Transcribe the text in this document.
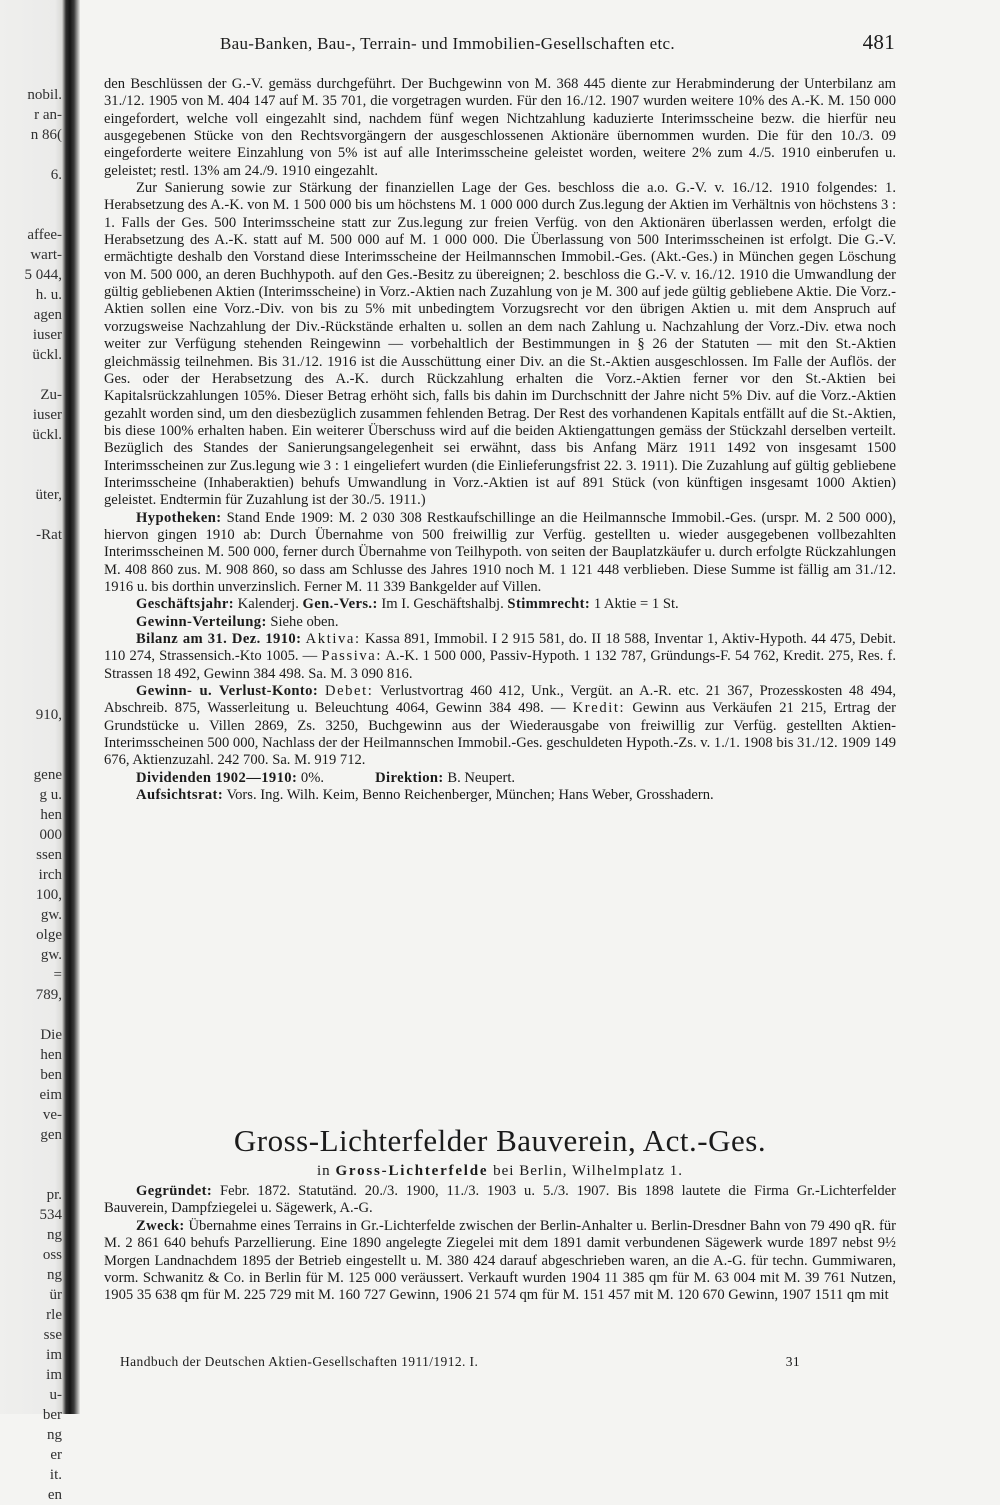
nobil.
r an-
n 86(
6.
affee-
wart-
5 044,
h. u.
agen
iuser
ückl.
Zu-
iuser
ückl.
üter,
-Rat
910,
gene
g u.
hen
000
ssen
irch
100,
gw.
olge
gw.
=
789,
Die
hen
ben
eim
ve-
gen
pr.
534
ng
oss
ng
ür
rle
sse
im
im
u-
ber
ng
er
it.
en
Bau-Banken, Bau-, Terrain- und Immobilien-Gesellschaften etc.	481

den Beschlüssen der G.-V. gemäss durchgeführt. Der Buchgewinn von M. 368 445 diente zur Herabminderung der Unterbilanz am 31./12. 1905 von M. 404 147 auf M. 35 701, die vorgetragen wurden. Für den 16./12. 1907 wurden weitere 10% des A.-K. M. 150 000 eingefordert, welche voll eingezahlt sind, nachdem fünf wegen Nichtzahlung kaduzierte Interimsscheine bezw. die hierfür neu ausgegebenen Stücke von den Rechtsvorgängern der ausgeschlossenen Aktionäre übernommen wurden. Die für den 10./3. 09 eingeforderte weitere Einzahlung von 5% ist auf alle Interimsscheine geleistet worden, weitere 2% zum 4./5. 1910 einberufen u. geleistet; restl. 13% am 24./9. 1910 eingezahlt.

Zur Sanierung sowie zur Stärkung der finanziellen Lage der Ges. beschloss die a.o. G.-V. v. 16./12. 1910 folgendes: 1. Herabsetzung des A.-K. von M. 1 500 000 bis um höchstens M. 1 000 000 durch Zus.legung der Aktien im Verhältnis von höchstens 3 : 1. Falls der Ges. 500 Interimsscheine statt zur Zus.legung zur freien Verfüg. von den Aktionären überlassen werden, erfolgt die Herabsetzung des A.-K. statt auf M. 500 000 auf M. 1 000 000. Die Überlassung von 500 Interimsscheinen ist erfolgt. Die G.-V. ermächtigte deshalb den Vorstand diese Interimsscheine der Heilmannschen Immobil.-Ges. (Akt.-Ges.) in München gegen Löschung von M. 500 000, an deren Buchhypoth. auf den Ges.-Besitz zu übereignen; 2. beschloss die G.-V. v. 16./12. 1910 die Umwandlung der gültig gebliebenen Aktien (Interimsscheine) in Vorz.-Aktien nach Zuzahlung von je M. 300 auf jede gültig gebliebene Aktie. Die Vorz.-Aktien sollen eine Vorz.-Div. von bis zu 5% mit unbedingtem Vorzugsrecht vor den übrigen Aktien u. mit dem Anspruch auf vorzugsweise Nachzahlung der Div.-Rückstände erhalten u. sollen an dem nach Zahlung u. Nachzahlung der Vorz.-Div. etwa noch weiter zur Verfügung stehenden Reingewinn — vorbehaltlich der Bestimmungen in § 26 der Statuten — mit den St.-Aktien gleichmässig teilnehmen. Bis 31./12. 1916 ist die Ausschüttung einer Div. an die St.-Aktien ausgeschlossen. Im Falle der Auflös. der Ges. oder der Herabsetzung des A.-K. durch Rückzahlung erhalten die Vorz.-Aktien ferner vor den St.-Aktien bei Kapitalsrückzahlungen 105%. Dieser Betrag erhöht sich, falls bis dahin im Durchschnitt der Jahre nicht 5% Div. auf die Vorz.-Aktien gezahlt worden sind, um den diesbezüglich zusammen fehlenden Betrag. Der Rest des vorhandenen Kapitals entfällt auf die St.-Aktien, bis diese 100% erhalten haben. Ein weiterer Überschuss wird auf die beiden Aktiengattungen gemäss der Stückzahl derselben verteilt. Bezüglich des Standes der Sanierungsangelegenheit sei erwähnt, dass bis Anfang März 1911 1492 von insgesamt 1500 Interimsscheinen zur Zus.legung wie 3 : 1 eingeliefert wurden (die Einlieferungsfrist 22. 3. 1911). Die Zuzahlung auf gültig gebliebene Interimsscheine (Inhaberaktien) behufs Umwandlung in Vorz.-Aktien ist auf 891 Stück (von künftigen insgesamt 1000 Aktien) geleistet. Endtermin für Zuzahlung ist der 30./5. 1911.)

Hypotheken: Stand Ende 1909: M. 2 030 308 Restkaufschillinge an die Heilmannsche Immobil.-Ges. (urspr. M. 2 500 000), hiervon gingen 1910 ab: Durch Übernahme von 500 freiwillig zur Verfüg. gestellten u. wieder ausgegebenen vollbezahlten Interimsscheinen M. 500 000, ferner durch Übernahme von Teilhypoth. von seiten der Bauplatzkäufer u. durch erfolgte Rückzahlungen M. 408 860 zus. M. 908 860, so dass am Schlusse des Jahres 1910 noch M. 1 121 448 verblieben. Diese Summe ist fällig am 31./12. 1916 u. bis dorthin unverzinslich. Ferner M. 11 339 Bankgelder auf Villen.

Geschäftsjahr: Kalenderj. Gen.-Vers.: Im I. Geschäftshalbj. Stimmrecht: 1 Aktie = 1 St.

Gewinn-Verteilung: Siehe oben.

Bilanz am 31. Dez. 1910: Aktiva: Kassa 891, Immobil. I 2 915 581, do. II 18 588, Inventar 1, Aktiv-Hypoth. 44 475, Debit. 110 274, Strassensich.-Kto 1005. — Passiva: A.-K. 1 500 000, Passiv-Hypoth. 1 132 787, Gründungs-F. 54 762, Kredit. 275, Res. f. Strassen 18 492, Gewinn 384 498. Sa. M. 3 090 816.

Gewinn- u. Verlust-Konto: Debet: Verlustvortrag 460 412, Unk., Vergüt. an A.-R. etc. 21 367, Prozesskosten 48 494, Abschreib. 875, Wasserleitung u. Beleuchtung 4064, Gewinn 384 498. — Kredit: Gewinn aus Verkäufen 21 215, Ertrag der Grundstücke u. Villen 2869, Zs. 3250, Buchgewinn aus der Wiederausgabe von freiwillig zur Verfüg. gestellten Aktien-Interimsscheinen 500 000, Nachlass der der Heilmannschen Immobil.-Ges. geschuldeten Hypoth.-Zs. v. 1./1. 1908 bis 31./12. 1909 149 676, Aktienzuzahl. 242 700. Sa. M. 919 712.

Dividenden 1902—1910: 0%.	Direktion: B. Neupert.

Aufsichtsrat: Vors. Ing. Wilh. Keim, Benno Reichenberger, München; Hans Weber, Grosshadern.

Gross-Lichterfelder Bauverein, Act.-Ges.
in Gross-Lichterfelde bei Berlin, Wilhelmplatz 1.

Gegründet: Febr. 1872. Statutänd. 20./3. 1900, 11./3. 1903 u. 5./3. 1907. Bis 1898 lautete die Firma Gr.-Lichterfelder Bauverein, Dampfziegelei u. Sägewerk, A.-G.

Zweck: Übernahme eines Terrains in Gr.-Lichterfelde zwischen der Berlin-Anhalter u. Berlin-Dresdner Bahn von 79 490 qR. für M. 2 861 640 behufs Parzellierung. Eine 1890 angelegte Ziegelei mit dem 1891 damit verbundenen Sägewerk wurde 1897 nebst 9½ Morgen Landnachdem 1895 der Betrieb eingestellt u. M. 380 424 darauf abgeschrieben waren, an die A.-G. für techn. Gummiwaren, vorm. Schwanitz & Co. in Berlin für M. 125 000 veräussert. Verkauft wurden 1904 11 385 qm für M. 63 004 mit M. 39 761 Nutzen, 1905 35 638 qm für M. 225 729 mit M. 160 727 Gewinn, 1906 21 574 qm für M. 151 457 mit M. 120 670 Gewinn, 1907 1511 qm mit

Handbuch der Deutschen Aktien-Gesellschaften 1911/1912. I.	31
